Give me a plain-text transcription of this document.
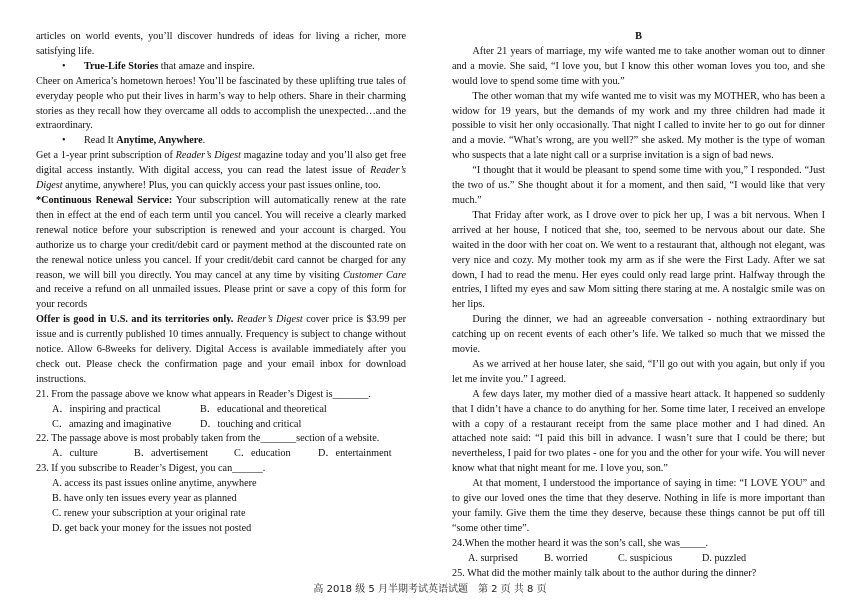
articles on world events, you’ll discover hundreds of ideas for living a richer, more satisfying life.

• True-Life Stories that amaze and inspire.

Cheer on America’s hometown heroes! You’ll be fascinated by these uplifting true tales of everyday people who put their lives in harm’s way to help others. Share in their charming stories as they recall how they overcame all odds to accomplish the unexpected…and the extraordinary.

• Read It Anytime, Anywhere.

Get a 1-year print subscription of Reader’s Digest magazine today and you’ll also get free digital access instantly. With digital access, you can read the latest issue of Reader’s Digest anytime, anywhere! Plus, you can quickly access your past issues online, too.

*Continuous Renewal Service: Your subscription will automatically renew at the rate then in effect at the end of each term until you cancel. You will receive a clearly marked renewal notice before your subscription is renewed and your account is charged. You authorize us to charge your credit/debit card or payment method at the discounted rate on the renewal notice unless you cancel. If your credit/debit card cannot be charged for any reason, we will bill you directly. You may cancel at any time by visiting Customer Care and receive a refund on all unmailed issues. Please print or save a copy of this form for your records

Offer is good in U.S. and its territories only. Reader’s Digest cover price is $3.99 per issue and is currently published 10 times annually. Frequency is subject to change without notice. Allow 6-8weeks for delivery. Digital Access is available immediately after you check out. Please check the confirmation page and your email inbox for download instructions.

21. From the passage above we know what appears in Reader’s Digest is_______.

A．inspiring and practical	B．educational and theoretical
C．amazing and imaginative	D．touching and critical

22. The passage above is most probably taken from the_______section of a website.

A．culture	B．advertisement	C．education	D．entertainment

23. If you subscribe to Reader’s Digest, you can______.

A. access its past issues online anytime, anywhere

B. have only ten issues every year as planned

C. renew your subscription at your original rate

D. get back your money for the issues not posted

B

After 21 years of marriage, my wife wanted me to take another woman out to dinner and a movie. She said, “I love you, but I know this other woman loves you too, and she would love to spend some time with you.”

The other woman that my wife wanted me to visit was my MOTHER, who has been a widow for 19 years, but the demands of my work and my three children had made it possible to visit her only occasionally. That night I called to invite her to go out for dinner and a movie. “What’s wrong, are you well?” she asked. My mother is the type of woman who suspects that a late night call or a surprise invitation is a sign of bad news.

“I thought that it would be pleasant to spend some time with you,” I responded. “Just the two of us.” She thought about it for a moment, and then said, “I would like that very much.”

That Friday after work, as I drove over to pick her up, I was a bit nervous. When I arrived at her house, I noticed that she, too, seemed to be nervous about our date. She waited in the door with her coat on. We went to a restaurant that, although not elegant, was very nice and cozy. My mother took my arm as if she were the First Lady. After we sat down, I had to read the menu. Her eyes could only read large print. Halfway through the entries, I lifted my eyes and saw Mom sitting there staring at me. A nostalgic smile was on her lips.

During the dinner, we had an agreeable conversation - nothing extraordinary but catching up on recent events of each other’s life. We talked so much that we missed the movie.

As we arrived at her house later, she said, “I’ll go out with you again, but only if you let me invite you.” I agreed.

A few days later, my mother died of a massive heart attack. It happened so suddenly that I didn’t have a chance to do anything for her. Some time later, I received an envelope with a copy of a restaurant receipt from the same place mother and I had dined. An attached note said: “I paid this bill in advance. I wasn’t sure that I could be there; but nevertheless, I paid for two plates - one for you and the other for your wife. You will never know what that night meant for me. I love you, son.”

At that moment, I understood the importance of saying in time: “I LOVE YOU” and to give our loved ones the time that they deserve. Nothing in life is more important than your family. Give them the time they deserve, because these things cannot be put off till “some other time”.

24.When the mother heard it was the son’s call, she was_____.

A. surprised	B. worried	C. suspicious	D. puzzled

25. What did the mother mainly talk about to the author during the dinner?

高 2018 级 5 月半期考试英语试题　第 2 页 共 8 页
